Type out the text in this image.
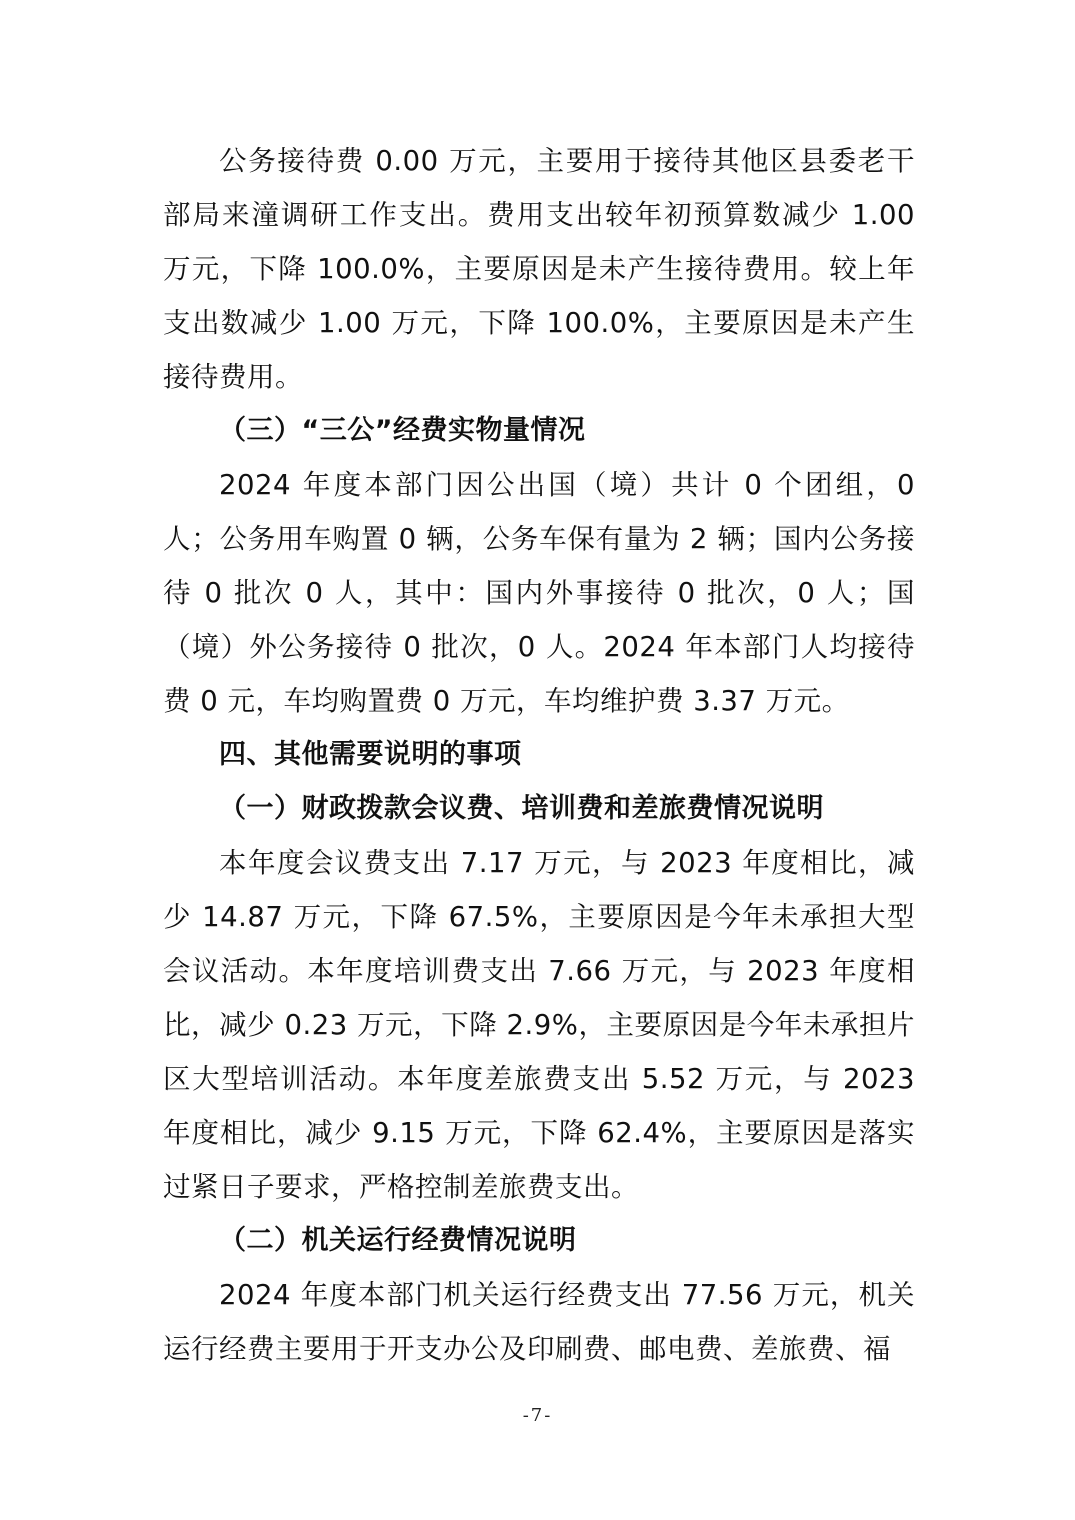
公务接待费 0.00 万元，主要用于接待其他区县委老干部局来潼调研工作支出。费用支出较年初预算数减少 1.00 万元，下降 100.0%，主要原因是未产生接待费用。较上年支出数减少 1.00 万元，下降 100.0%，主要原因是未产生接待费用。

（三）“三公”经费实物量情况

2024 年度本部门因公出国（境）共计 0 个团组，0 人；公务用车购置 0 辆，公务车保有量为 2 辆；国内公务接待 0 批次 0 人，其中：国内外事接待 0 批次，0 人；国（境）外公务接待 0 批次，0 人。2024 年本部门人均接待费 0 元，车均购置费 0 万元，车均维护费 3.37 万元。

四、其他需要说明的事项

（一）财政拨款会议费、培训费和差旅费情况说明

本年度会议费支出 7.17 万元，与 2023 年度相比，减少 14.87 万元，下降 67.5%，主要原因是今年未承担大型会议活动。本年度培训费支出 7.66 万元，与 2023 年度相比，减少 0.23 万元，下降 2.9%，主要原因是今年未承担片区大型培训活动。本年度差旅费支出 5.52 万元，与 2023 年度相比，减少 9.15 万元，下降 62.4%，主要原因是落实过紧日子要求，严格控制差旅费支出。

（二）机关运行经费情况说明

2024 年度本部门机关运行经费支出 77.56 万元，机关运行经费主要用于开支办公及印刷费、邮电费、差旅费、福

-7-
